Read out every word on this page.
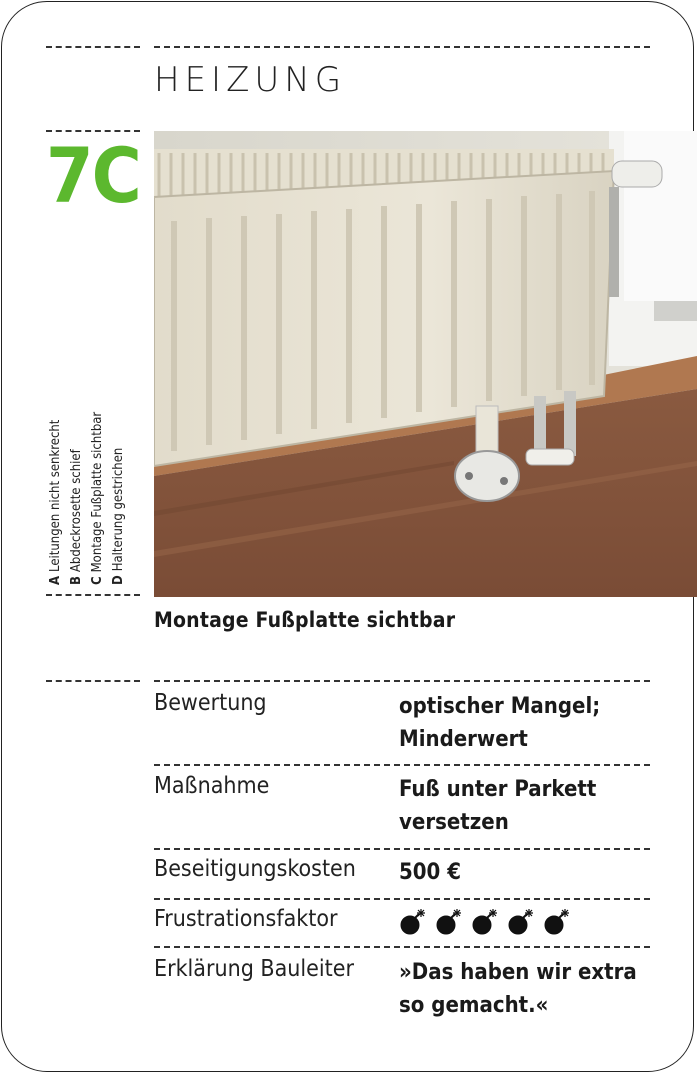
HEIZUNG
7C
ALeitungen nicht senkrecht
BAbdeckrosette schief
CMontage Fußplatte sichtbar
DHalterung gestrichen
Montage Fußplatte sichtbar
Bewertung	optischer Mangel;
Minderwert
Maßnahme	Fuß unter Parkett
versetzen
Beseitigungskosten 500 €
Frustrationsfaktor
Erklärung Bauleiter »Das haben wir extra
so gemacht.«
